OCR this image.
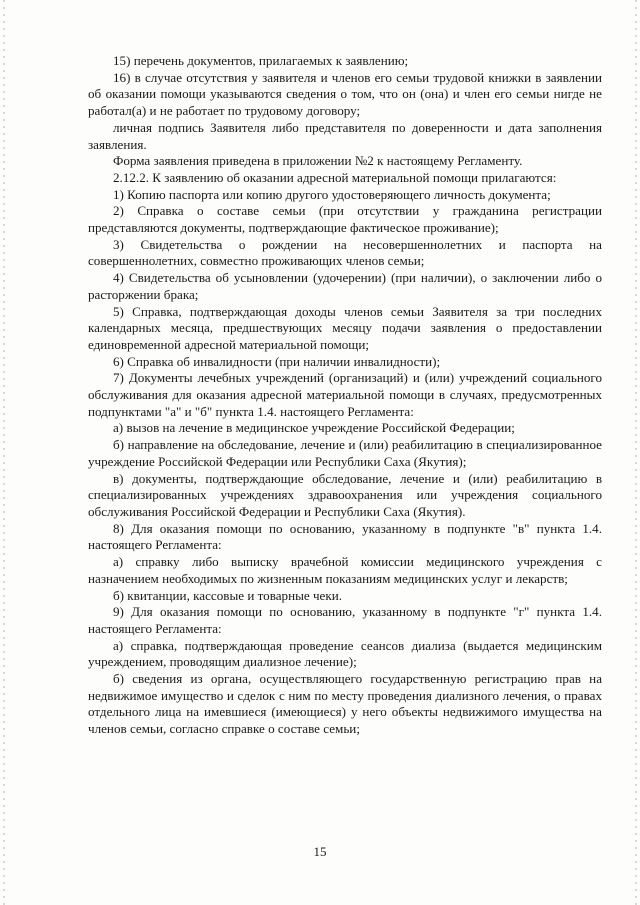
15) перечень документов, прилагаемых к заявлению;

16) в случае отсутствия у заявителя и членов его семьи трудовой книжки в заявлении об оказании помощи указываются сведения о том, что он (она) и член его семьи нигде не работал(а) и не работает по трудовому договору;

личная подпись Заявителя либо представителя по доверенности и дата заполнения заявления.

Форма заявления приведена в приложении №2 к настоящему Регламенту.

2.12.2. К заявлению об оказании адресной материальной помощи прилагаются:

1) Копию паспорта или копию другого удостоверяющего личность документа;

2) Справка о составе семьи (при отсутствии у гражданина регистрации представляются документы, подтверждающие фактическое проживание);

3) Свидетельства о рождении на несовершеннолетних и паспорта на совершеннолетних, совместно проживающих членов семьи;

4) Свидетельства об усыновлении (удочерении) (при наличии), о заключении либо о расторжении брака;

5) Справка, подтверждающая доходы членов семьи Заявителя за три последних календарных месяца, предшествующих месяцу подачи заявления о предоставлении единовременной адресной материальной помощи;

6) Справка об инвалидности (при наличии инвалидности);

7) Документы лечебных учреждений (организаций) и (или) учреждений социального обслуживания для оказания адресной материальной помощи в случаях, предусмотренных подпунктами "а" и "б" пункта 1.4. настоящего Регламента:

а) вызов на лечение в медицинское учреждение Российской Федерации;

б) направление на обследование, лечение и (или) реабилитацию в специализированное учреждение Российской Федерации или Республики Саха (Якутия);

в) документы, подтверждающие обследование, лечение и (или) реабилитацию в специализированных учреждениях здравоохранения или учреждения социального обслуживания Российской Федерации и Республики Саха (Якутия).

8) Для оказания помощи по основанию, указанному в подпункте "в" пункта 1.4. настоящего Регламента:

а) справку либо выписку врачебной комиссии медицинского учреждения с назначением необходимых по жизненным показаниям медицинских услуг и лекарств;

б) квитанции, кассовые и товарные чеки.

9) Для оказания помощи по основанию, указанному в подпункте "г" пункта 1.4. настоящего Регламента:

а) справка, подтверждающая проведение сеансов диализа (выдается медицинским учреждением, проводящим диализное лечение);

б) сведения из органа, осуществляющего государственную регистрацию прав на недвижимое имущество и сделок с ним по месту проведения диализного лечения, о правах отдельного лица на имевшиеся (имеющиеся) у него объекты недвижимого имущества на членов семьи, согласно справке о составе семьи;

15
